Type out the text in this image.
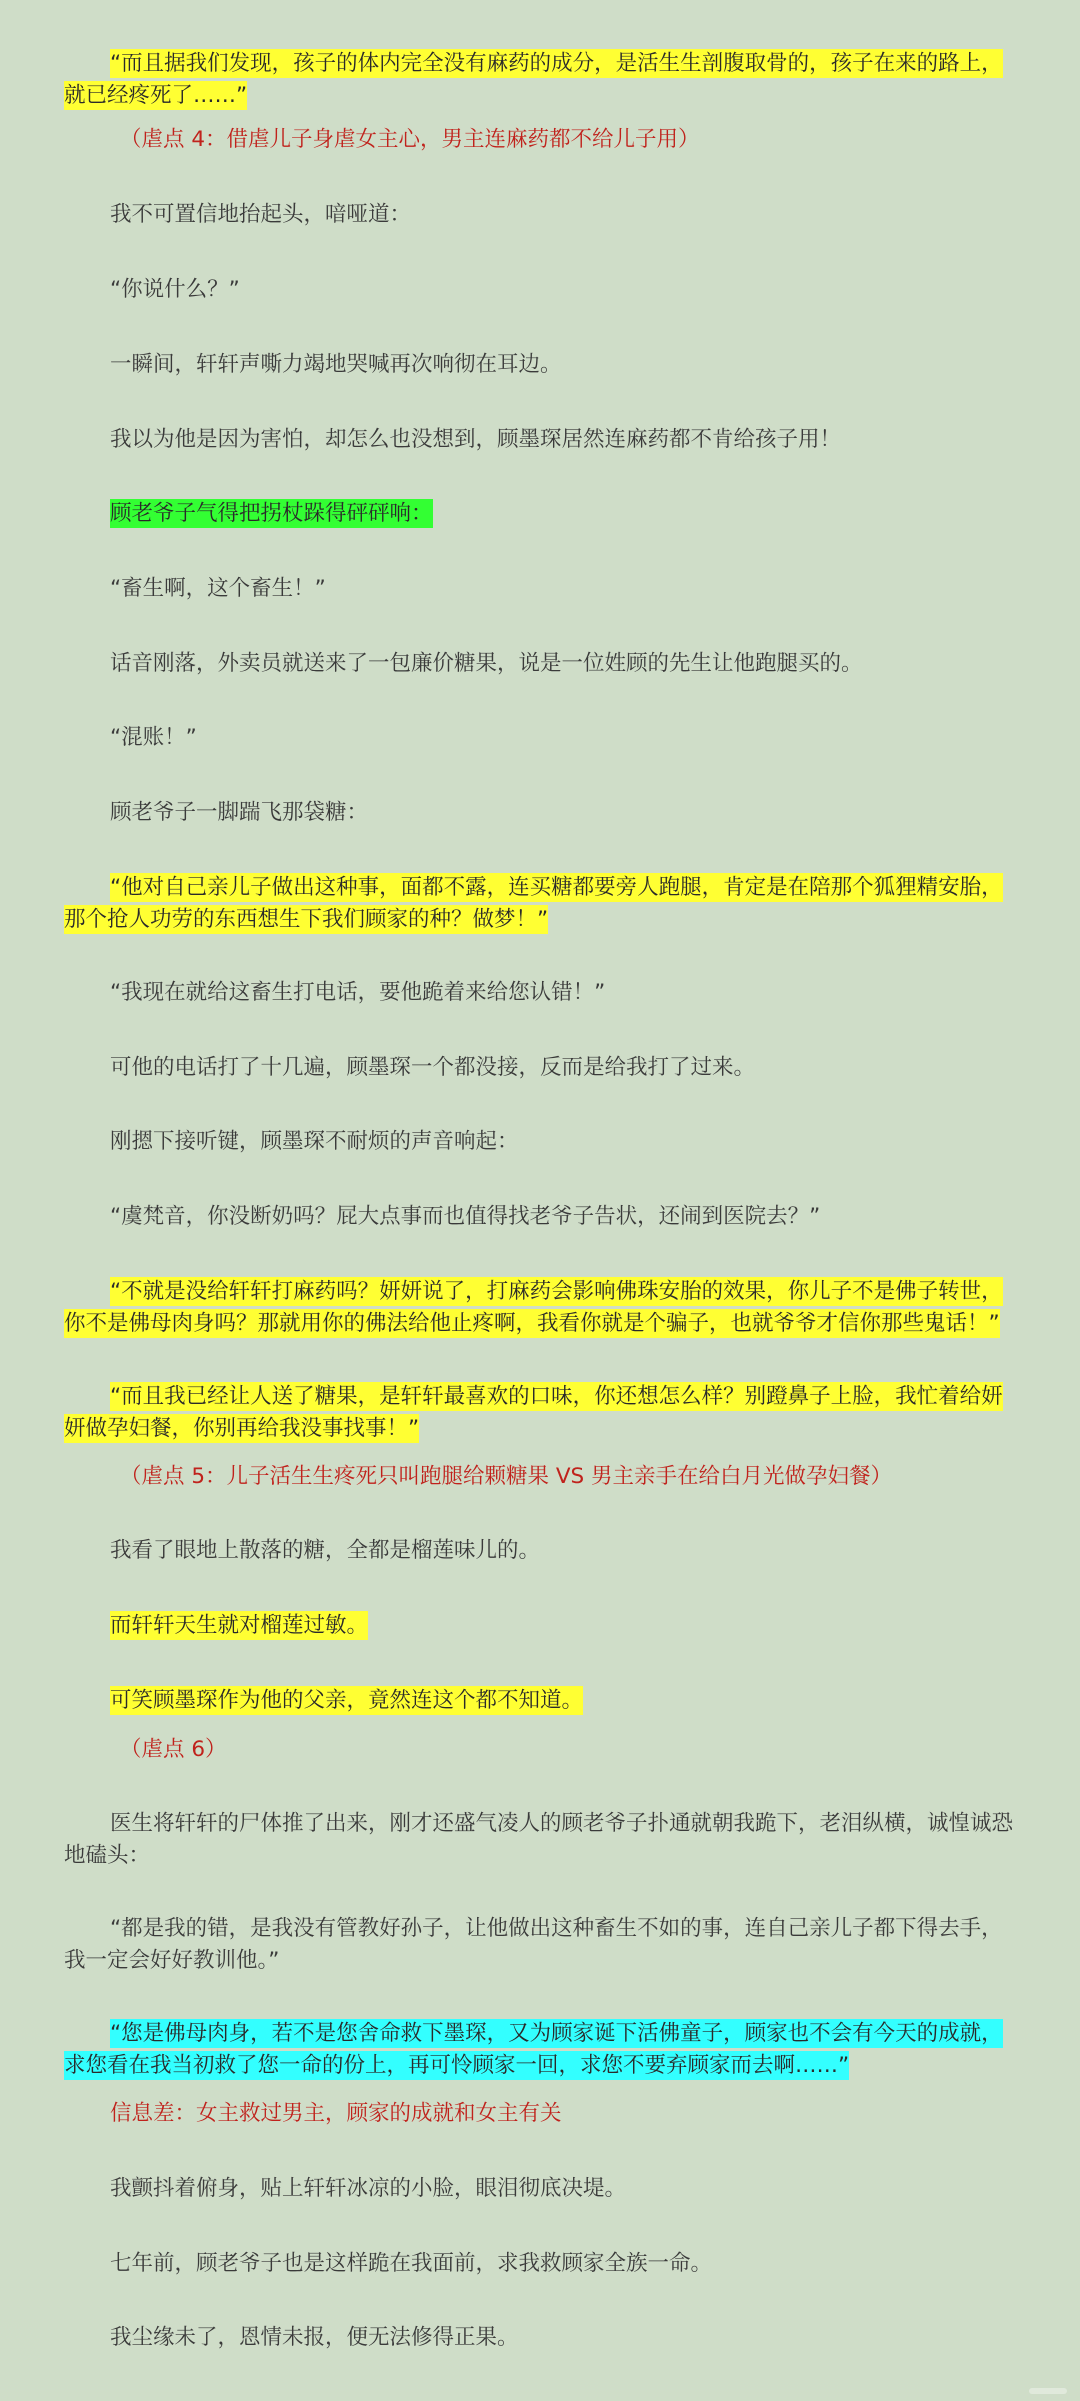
“而且据我们发现，孩子的体内完全没有麻药的成分，是活生生剖腹取骨的，孩子在来的路上，就已经疼死了……”
（虐点 4：借虐儿子身虐女主心，男主连麻药都不给儿子用）
我不可置信地抬起头，喑哑道：
“你说什么？”
一瞬间，轩轩声嘶力竭地哭喊再次响彻在耳边。
我以为他是因为害怕，却怎么也没想到，顾墨琛居然连麻药都不肯给孩子用！
顾老爷子气得把拐杖跺得砰砰响：
“畜生啊，这个畜生！”
话音刚落，外卖员就送来了一包廉价糖果，说是一位姓顾的先生让他跑腿买的。
“混账！”
顾老爷子一脚踹飞那袋糖：
“他对自己亲儿子做出这种事，面都不露，连买糖都要旁人跑腿，肯定是在陪那个狐狸精安胎，那个抢人功劳的东西想生下我们顾家的种？做梦！”
“我现在就给这畜生打电话，要他跪着来给您认错！”
可他的电话打了十几遍，顾墨琛一个都没接，反而是给我打了过来。
刚摁下接听键，顾墨琛不耐烦的声音响起：
“虞梵音，你没断奶吗？屁大点事而也值得找老爷子告状，还闹到医院去？”
“不就是没给轩轩打麻药吗？妍妍说了，打麻药会影响佛珠安胎的效果，你儿子不是佛子转世，你不是佛母肉身吗？那就用你的佛法给他止疼啊，我看你就是个骗子，也就爷爷才信你那些鬼话！”
“而且我已经让人送了糖果，是轩轩最喜欢的口味，你还想怎么样？别蹬鼻子上脸，我忙着给妍妍做孕妇餐，你别再给我没事找事！”
（虐点 5：儿子活生生疼死只叫跑腿给颗糖果 VS 男主亲手在给白月光做孕妇餐）
我看了眼地上散落的糖，全都是榴莲味儿的。
而轩轩天生就对榴莲过敏。
可笑顾墨琛作为他的父亲，竟然连这个都不知道。
（虐点 6）
医生将轩轩的尸体推了出来，刚才还盛气凌人的顾老爷子扑通就朝我跪下，老泪纵横，诚惶诚恐地磕头：
“都是我的错，是我没有管教好孙子，让他做出这种畜生不如的事，连自己亲儿子都下得去手，我一定会好好教训他。”
“您是佛母肉身，若不是您舍命救下墨琛，又为顾家诞下活佛童子，顾家也不会有今天的成就，求您看在我当初救了您一命的份上，再可怜顾家一回，求您不要弃顾家而去啊……”
信息差：女主救过男主，顾家的成就和女主有关
我颤抖着俯身，贴上轩轩冰凉的小脸，眼泪彻底决堤。
七年前，顾老爷子也是这样跪在我面前，求我救顾家全族一命。
我尘缘未了，恩情未报，便无法修得正果。
